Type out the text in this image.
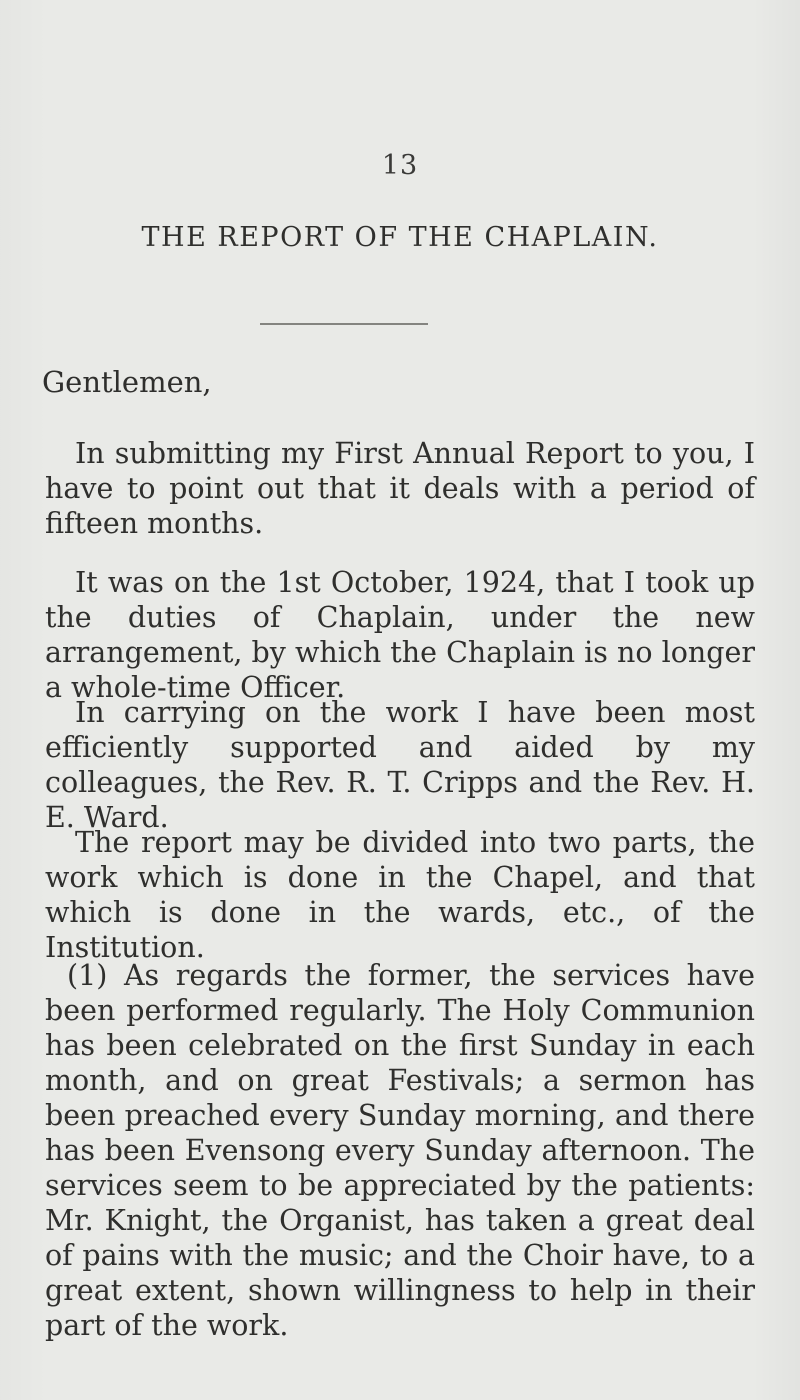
13
THE REPORT OF THE CHAPLAIN.
Gentlemen,

In submitting my First Annual Report to you, I have to point out that it deals with a period of fifteen months.

It was on the 1st October, 1924, that I took up the duties of Chaplain, under the new arrangement, by which the Chaplain is no longer a whole-time Officer.

In carrying on the work I have been most efficiently supported and aided by my colleagues, the Rev. R. T. Cripps and the Rev. H. E. Ward.

The report may be divided into two parts, the work which is done in the Chapel, and that which is done in the wards, etc., of the Institution.

(1) As regards the former, the services have been performed regularly. The Holy Communion has been celebrated on the first Sunday in each month, and on great Festivals; a sermon has been preached every Sunday morning, and there has been Evensong every Sunday afternoon. The services seem to be appreciated by the patients: Mr. Knight, the Organist, has taken a great deal of pains with the music; and the Choir have, to a great extent, shown willingness to help in their part of the work.
